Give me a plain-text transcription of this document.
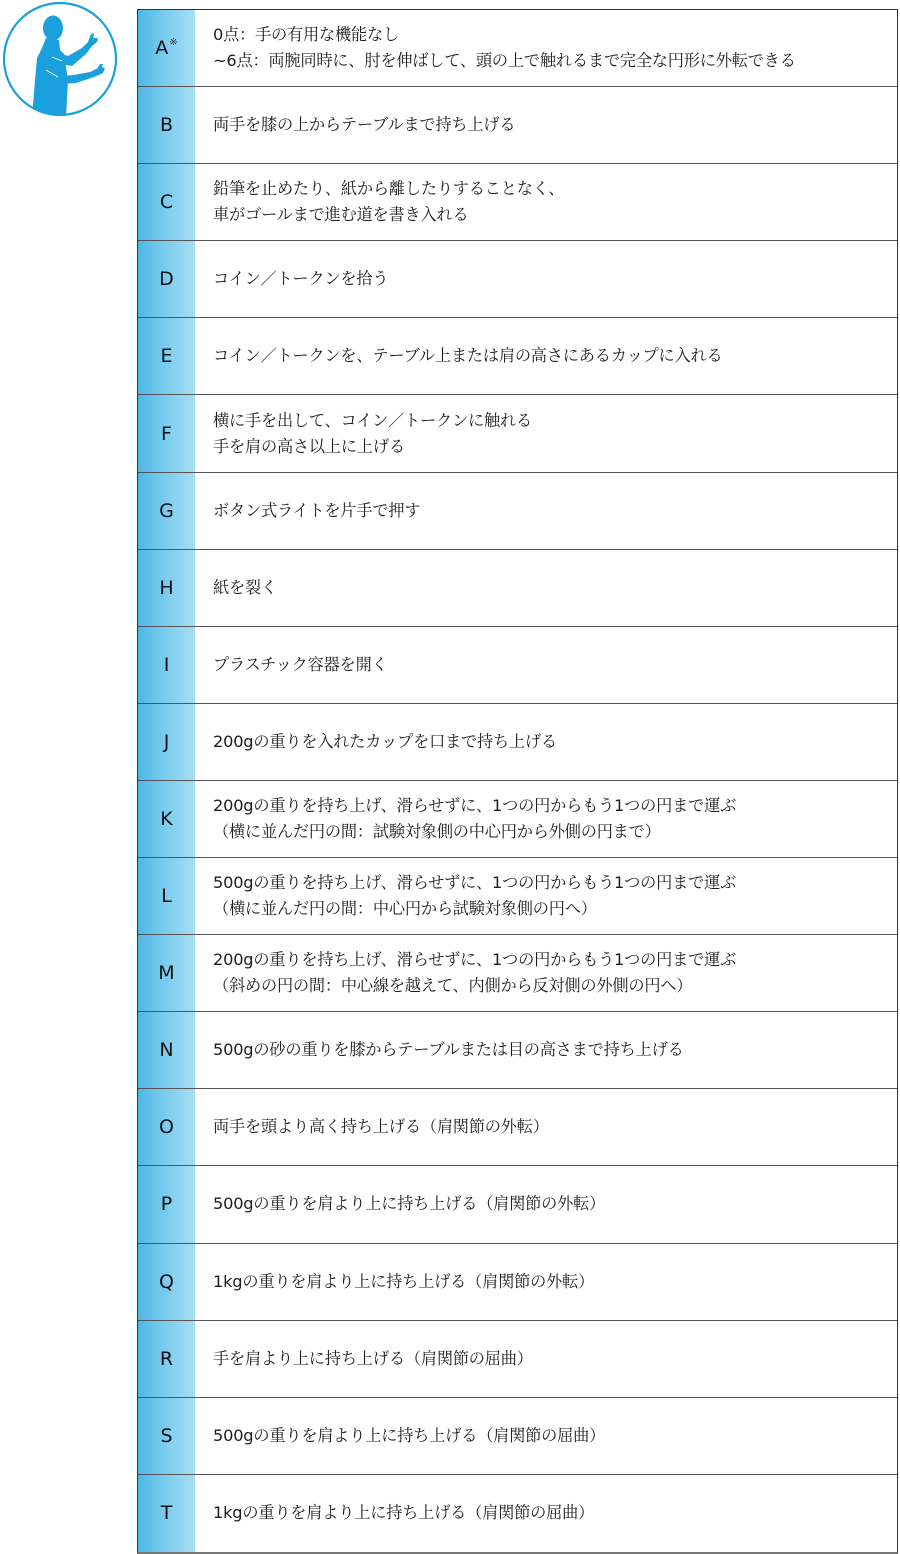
A ※ 0点：手の有用な機能なし
~6点：両腕同時に、肘を伸ばして、頭の上で触れるまで完全な円形に外転できる
B 両手を膝の上からテーブルまで持ち上げる
C
鉛筆を止めたり、紙から離したりすることなく、
車がゴールまで進む道を書き入れる
D コイン／トークンを拾う
E	コイン／トークンを、テーブル上または肩の高さにあるカップに入れる
F
横に手を出して、コイン／トークンに触れる
手を肩の高さ以上に上げる
G ボタン式ライトを片手で押す
H 紙を裂く
I	プラスチック容器を開く
J	200gの重りを入れたカップを口まで持ち上げる
K
200gの重りを持ち上げ、滑らせずに、1つの円からもう1つの円まで運ぶ
（横に並んだ円の間：試験対象側の中心円から外側の円まで）
L
500gの重りを持ち上げ、滑らせずに、1つの円からもう1つの円まで運ぶ
（横に並んだ円の間：中心円から試験対象側の円へ）
M
200gの重りを持ち上げ、滑らせずに、1つの円からもう1つの円まで運ぶ
（斜めの円の間：中心線を越えて、内側から反対側の外側の円へ）
N 500gの砂の重りを膝からテーブルまたは目の高さまで持ち上げる
O 両手を頭より高く持ち上げる（肩関節の外転）
P	500gの重りを肩より上に持ち上げる（肩関節の外転）
Q 1kgの重りを肩より上に持ち上げる（肩関節の外転）
R 手を肩より上に持ち上げる（肩関節の屈曲）
S 500gの重りを肩より上に持ち上げる（肩関節の屈曲）
T	1kgの重りを肩より上に持ち上げる（肩関節の屈曲）
